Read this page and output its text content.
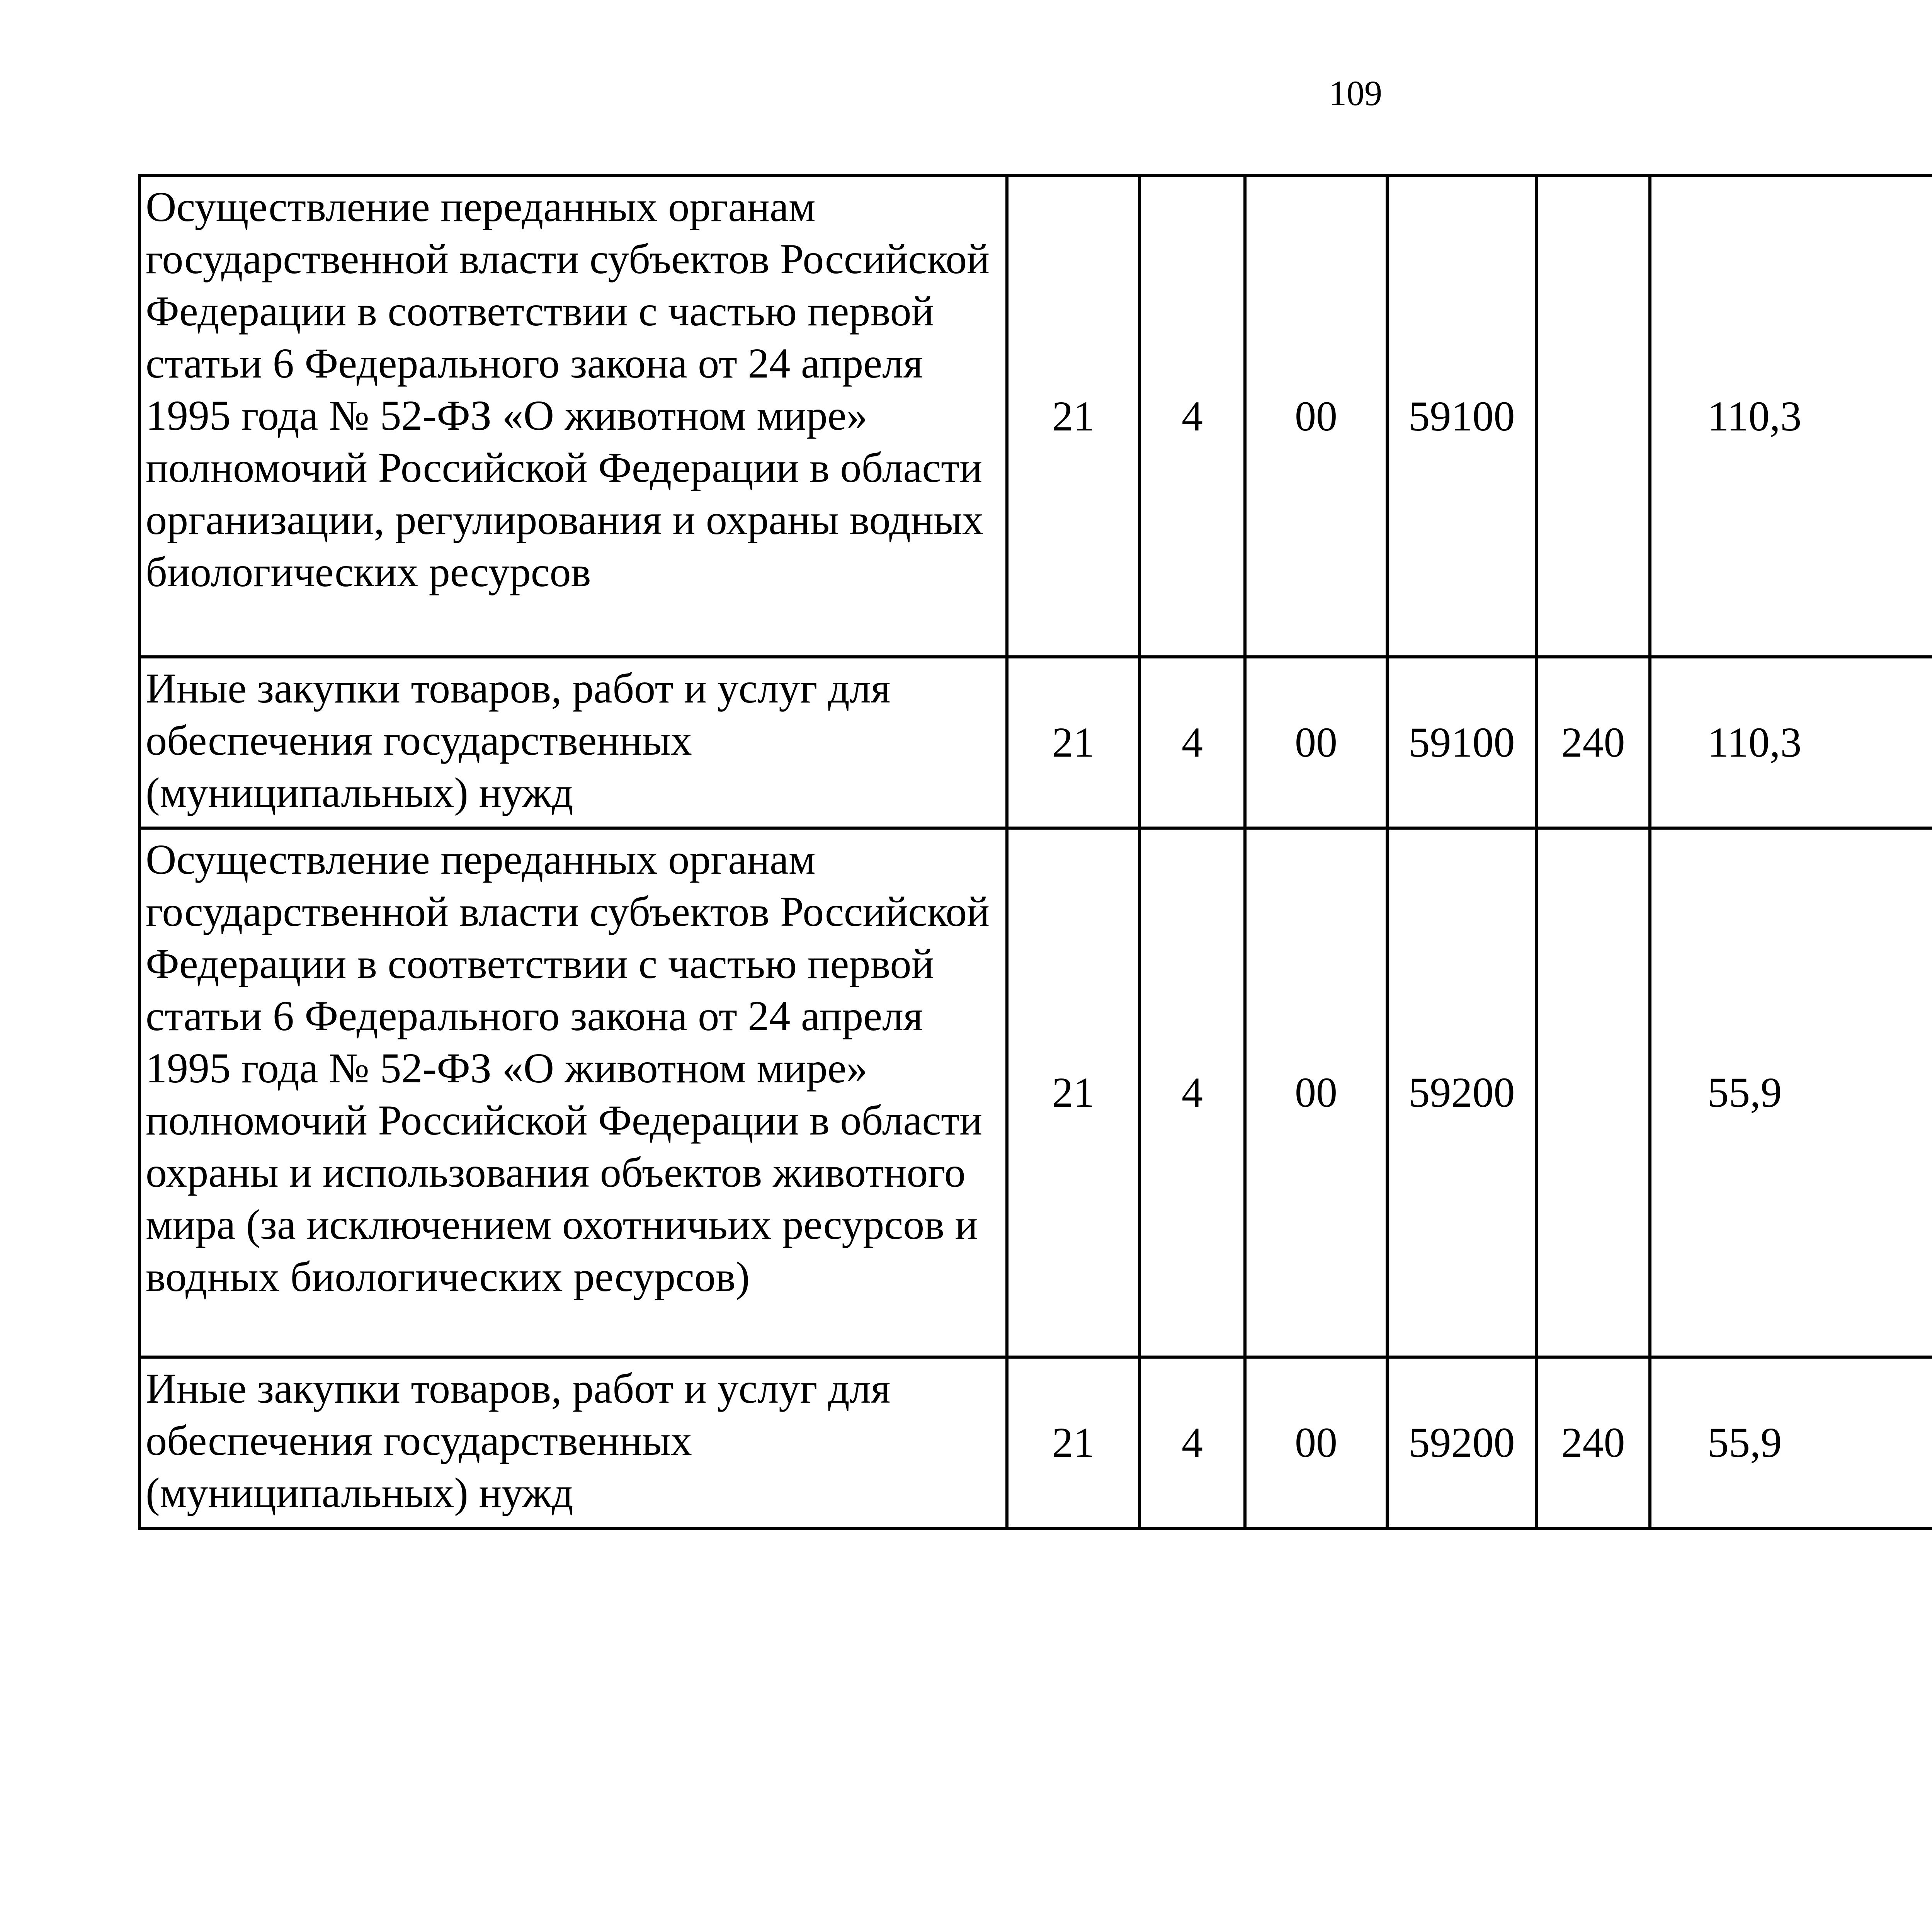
109
Осуществление переданных органам государственной власти субъектов Российской Федерации в соответствии с частью первой статьи 6 Федерального закона от 24 апреля 1995 года № 52-ФЗ «О животном мире» полномочий Российской Федерации в области организации, регулирования и охраны водных биологических ресурсов	21	4	00	59100		110,3		
Иные закупки товаров, работ и услуг для обеспечения государственных (муниципальных) нужд	21	4	00	59100	240	110,3		
Осуществление переданных органам государственной власти субъектов Российской Федерации в соответствии с частью первой статьи 6 Федерального закона от 24 апреля 1995 года № 52-ФЗ «О животном мире» полномочий Российской Федерации в области охраны и использования объектов животного мира (за исключением охотничьих ресурсов и водных биологических ресурсов)	21	4	00	59200		55,9		
Иные закупки товаров, работ и услуг для обеспечения государственных (муниципальных) нужд	21	4	00	59200	240	55,9		
